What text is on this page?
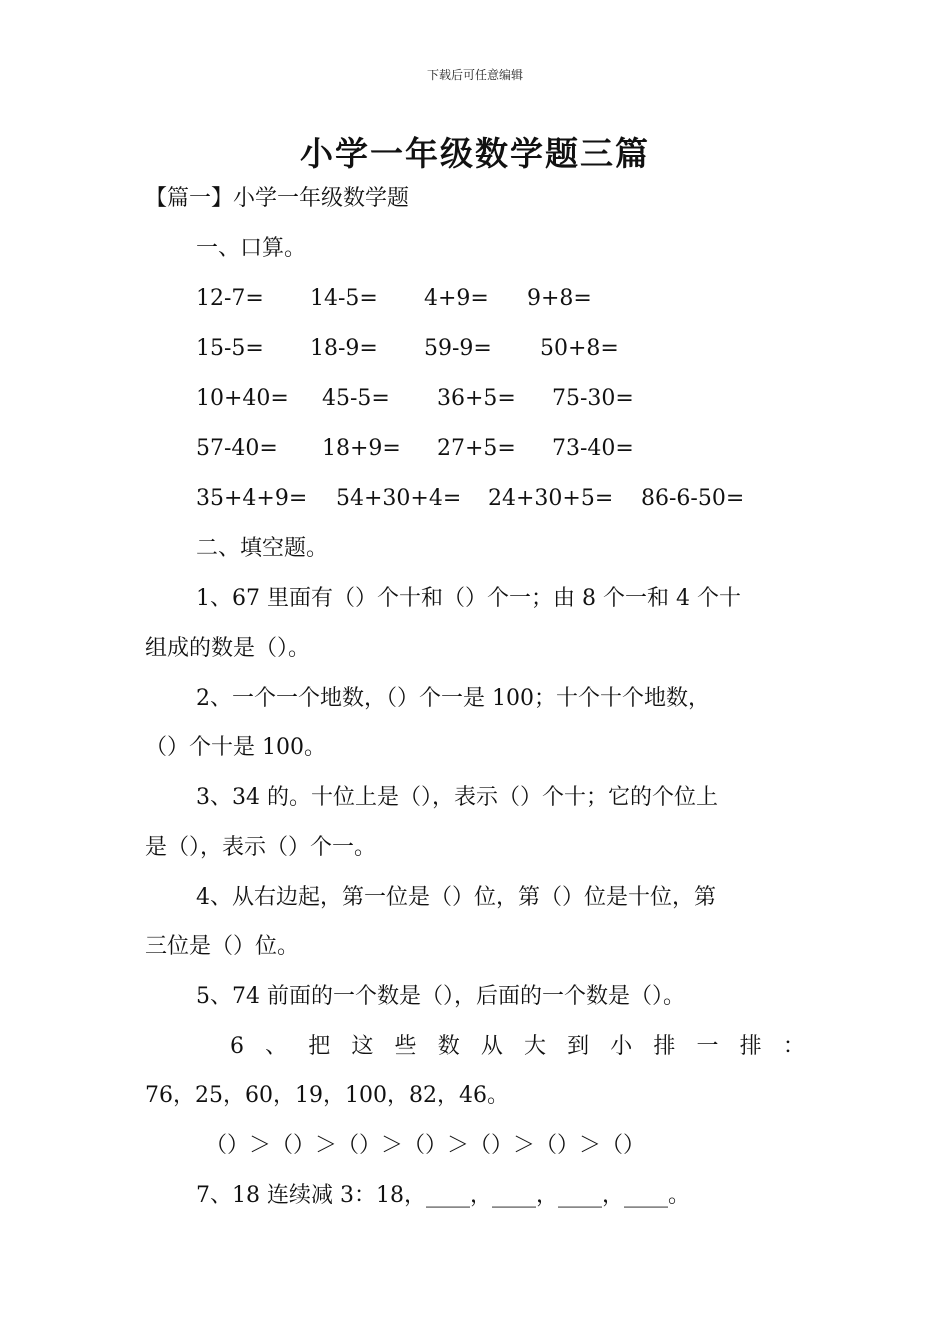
下载后可任意编辑
小学一年级数学题三篇
【篇一】小学一年级数学题
一、口算。
12-7= 14-5= 4+9= 9+8=
15-5= 18-9= 59-9= 50+8=
10+40= 45-5= 36+5= 75-30=
57-40= 18+9= 27+5= 73-40=
35+4+9= 54+30+4= 24+30+5= 86-6-50=
二、填空题。
1、67 里面有（）个十和（）个一；由 8 个一和 4 个十
组成的数是（）。
2、一个一个地数，（）个一是 100；十个十个地数，
（）个十是 100。
3、34 的。十位上是（），表示（）个十；它的个位上
是（），表示（）个一。
4、从右边起，第一位是（）位，第（）位是十位，第
三位是（）位。
5、74 前面的一个数是（），后面的一个数是（）。
6 、 把 这 些 数 从 大 到 小 排 一 排 ：
76，25，60，19，100，82，46。
（）＞（）＞（）＞（）＞（）＞（）＞（）
7、18 连续减 3：18，____，____，____，____。
